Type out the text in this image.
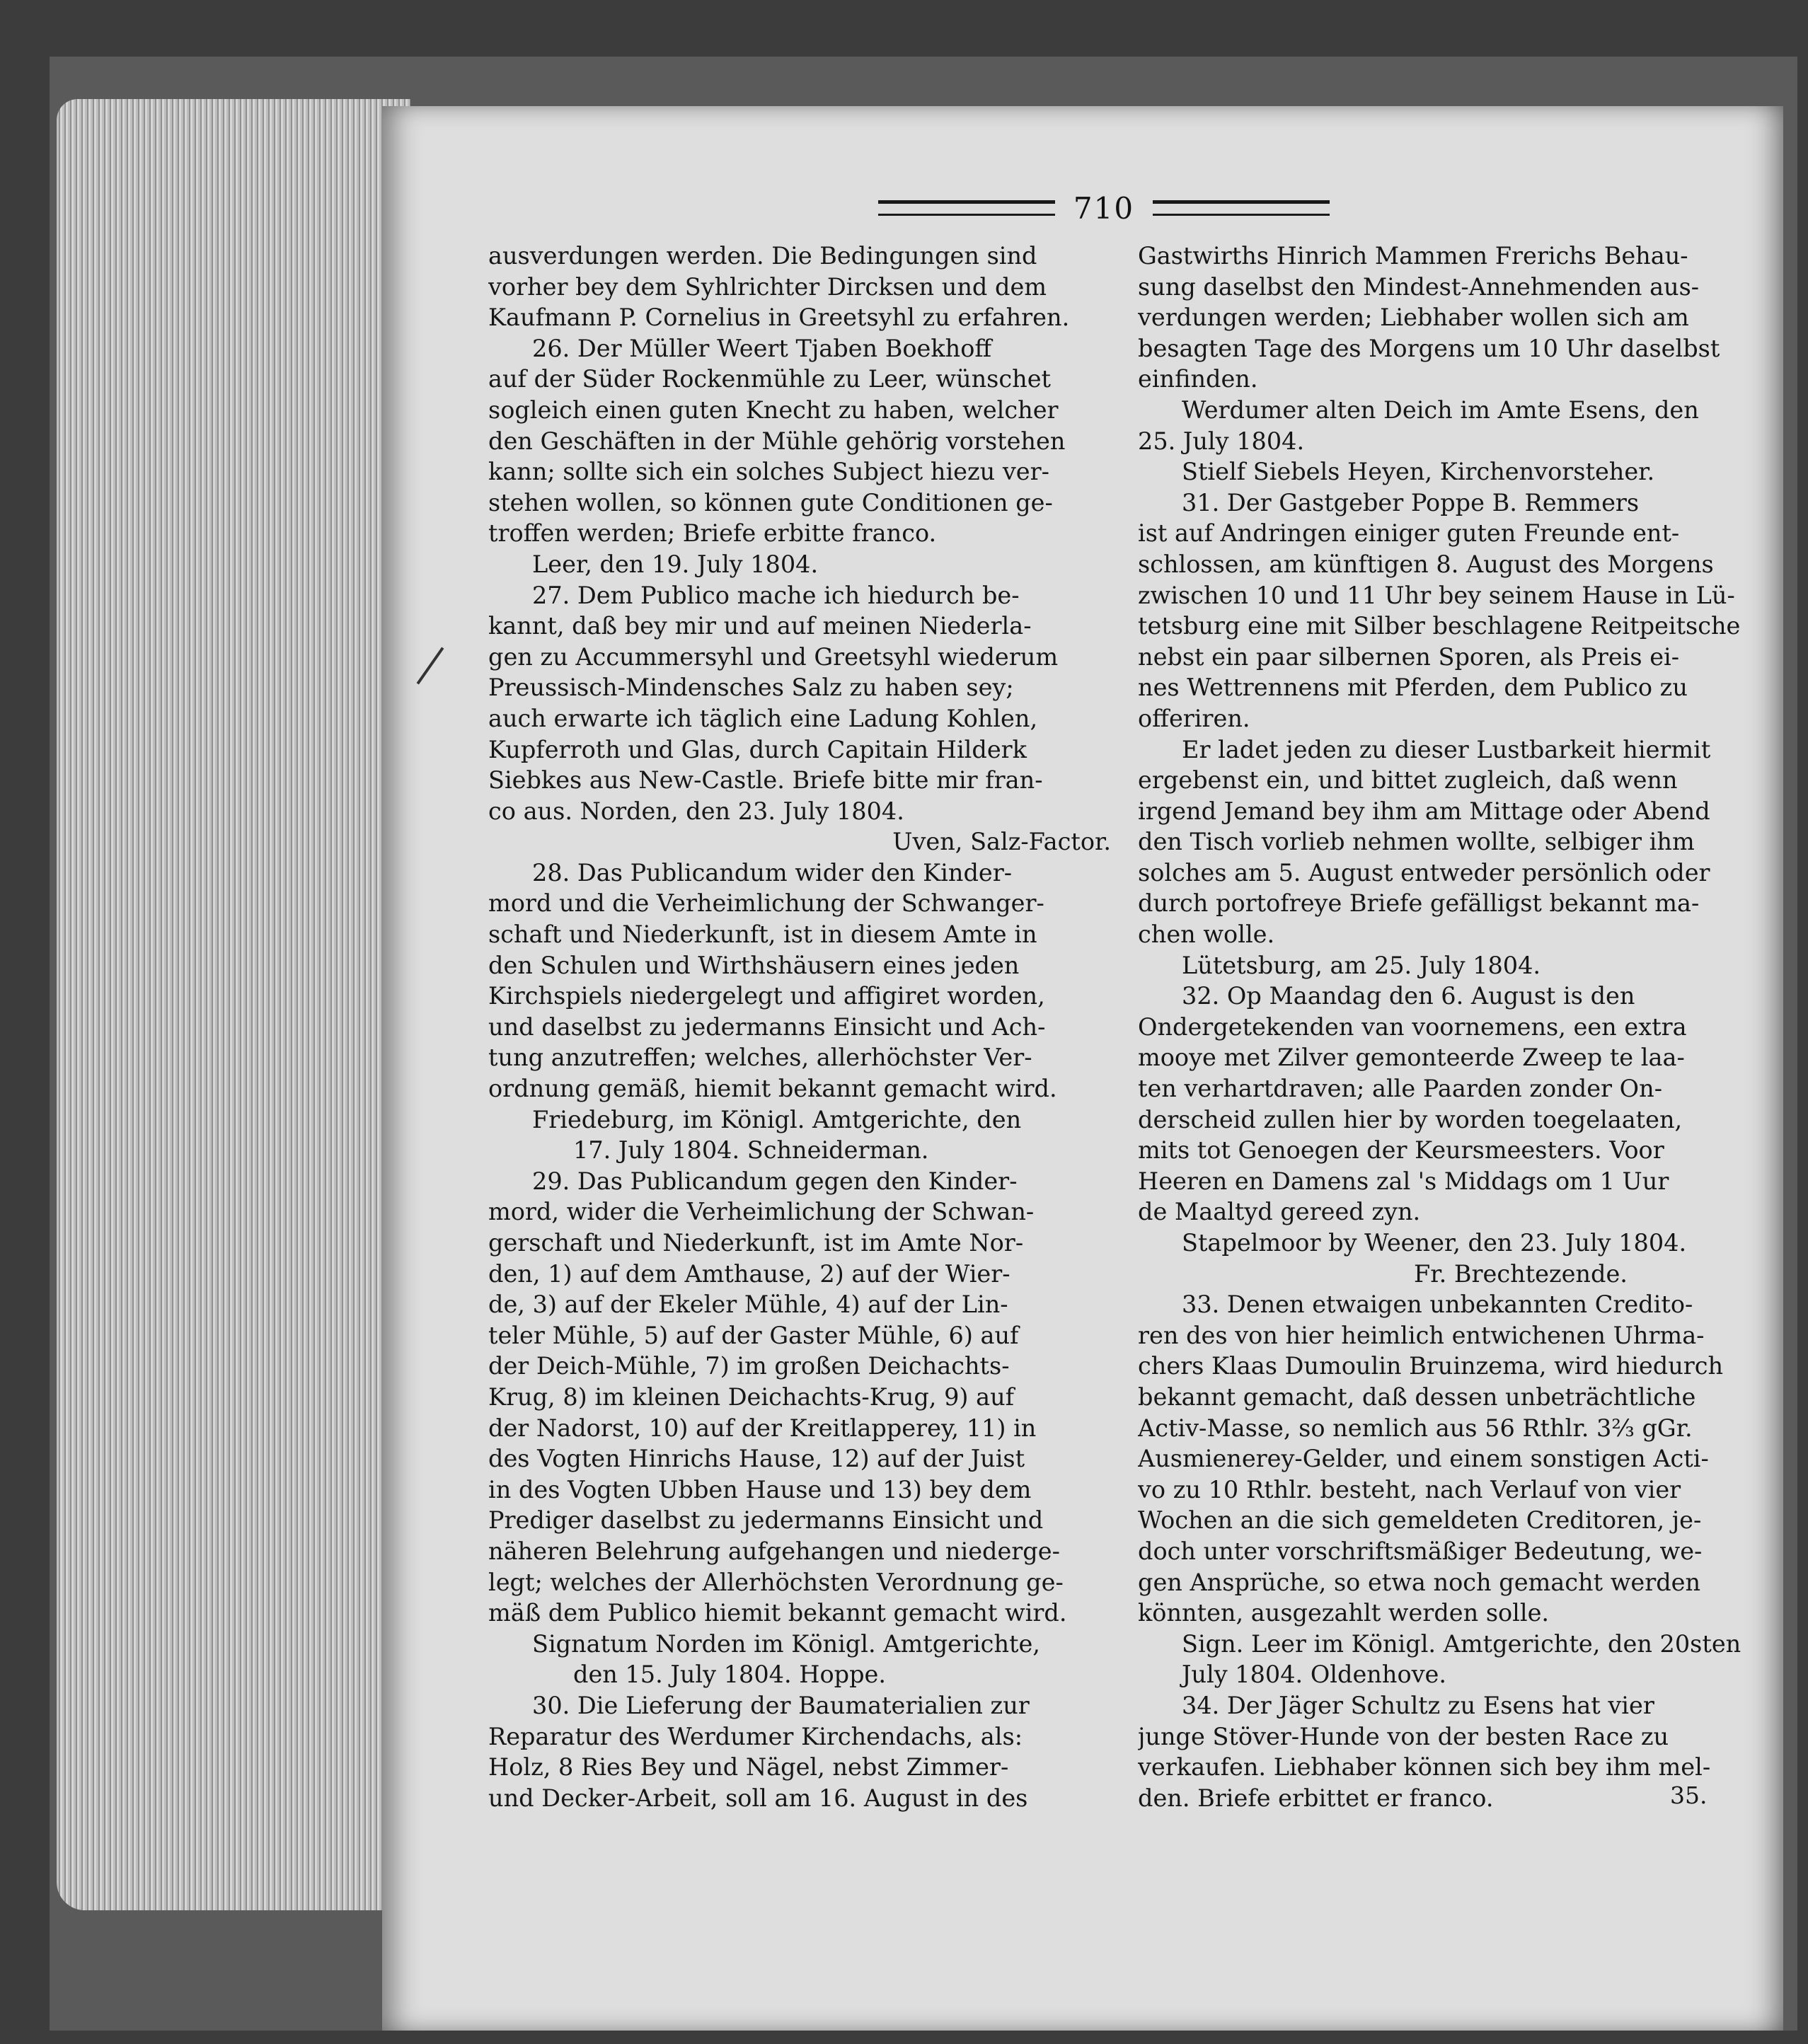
710
ausverdungen werden. Die Bedingungen sind
vorher bey dem Syhlrichter Dircksen und dem
Kaufmann P. Cornelius in Greetsyhl zu erfahren.
26. Der Müller Weert Tjaben Boekhoff
auf der Süder Rockenmühle zu Leer, wünschet
sogleich einen guten Knecht zu haben, welcher
den Geschäften in der Mühle gehörig vorstehen
kann; sollte sich ein solches Subject hiezu ver-
stehen wollen, so können gute Conditionen ge-
troffen werden; Briefe erbitte franco.
Leer, den 19. July 1804.
27. Dem Publico mache ich hiedurch be-
kannt, daß bey mir und auf meinen Niederla-
gen zu Accummersyhl und Greetsyhl wiederum
Preussisch-Mindensches Salz zu haben sey;
auch erwarte ich täglich eine Ladung Kohlen,
Kupferroth und Glas, durch Capitain Hilderk
Siebkes aus New-Castle. Briefe bitte mir fran-
co aus. Norden, den 23. July 1804.
Uven, Salz-Factor.
28. Das Publicandum wider den Kinder-
mord und die Verheimlichung der Schwanger-
schaft und Niederkunft, ist in diesem Amte in
den Schulen und Wirthshäusern eines jeden
Kirchspiels niedergelegt und affigiret worden,
und daselbst zu jedermanns Einsicht und Ach-
tung anzutreffen; welches, allerhöchster Ver-
ordnung gemäß, hiemit bekannt gemacht wird.
Friedeburg, im Königl. Amtgerichte, den
17. July 1804. Schneiderman.
29. Das Publicandum gegen den Kinder-
mord, wider die Verheimlichung der Schwan-
gerschaft und Niederkunft, ist im Amte Nor-
den, 1) auf dem Amthause, 2) auf der Wier-
de, 3) auf der Ekeler Mühle, 4) auf der Lin-
teler Mühle, 5) auf der Gaster Mühle, 6) auf
der Deich-Mühle, 7) im großen Deichachts-
Krug, 8) im kleinen Deichachts-Krug, 9) auf
der Nadorst, 10) auf der Kreitlapperey, 11) in
des Vogten Hinrichs Hause, 12) auf der Juist
in des Vogten Ubben Hause und 13) bey dem
Prediger daselbst zu jedermanns Einsicht und
näheren Belehrung aufgehangen und niederge-
legt; welches der Allerhöchsten Verordnung ge-
mäß dem Publico hiemit bekannt gemacht wird.
Signatum Norden im Königl. Amtgerichte,
den 15. July 1804. Hoppe.
30. Die Lieferung der Baumaterialien zur
Reparatur des Werdumer Kirchendachs, als:
Holz, 8 Ries Bey und Nägel, nebst Zimmer-
und Decker-Arbeit, soll am 16. August in des
Gastwirths Hinrich Mammen Frerichs Behau-
sung daselbst den Mindest-Annehmenden aus-
verdungen werden; Liebhaber wollen sich am
besagten Tage des Morgens um 10 Uhr daselbst
einfinden.
Werdumer alten Deich im Amte Esens, den
25. July 1804.
Stielf Siebels Heyen, Kirchenvorsteher.
31. Der Gastgeber Poppe B. Remmers
ist auf Andringen einiger guten Freunde ent-
schlossen, am künftigen 8. August des Morgens
zwischen 10 und 11 Uhr bey seinem Hause in Lü-
tetsburg eine mit Silber beschlagene Reitpeitsche
nebst ein paar silbernen Sporen, als Preis ei-
nes Wettrennens mit Pferden, dem Publico zu
offeriren.
Er ladet jeden zu dieser Lustbarkeit hiermit
ergebenst ein, und bittet zugleich, daß wenn
irgend Jemand bey ihm am Mittage oder Abend
den Tisch vorlieb nehmen wollte, selbiger ihm
solches am 5. August entweder persönlich oder
durch portofreye Briefe gefälligst bekannt ma-
chen wolle.
Lütetsburg, am 25. July 1804.
32. Op Maandag den 6. August is den
Ondergetekenden van voornemens, een extra
mooye met Zilver gemonteerde Zweep te laa-
ten verhartdraven; alle Paarden zonder On-
derscheid zullen hier by worden toegelaaten,
mits tot Genoegen der Keursmeesters. Voor
Heeren en Damens zal 's Middags om 1 Uur
de Maaltyd gereed zyn.
Stapelmoor by Weener, den 23. July 1804.
Fr. Brechtezende.
33. Denen etwaigen unbekannten Credito-
ren des von hier heimlich entwichenen Uhrma-
chers Klaas Dumoulin Bruinzema, wird hiedurch
bekannt gemacht, daß dessen unbeträchtliche
Activ-Masse, so nemlich aus 56 Rthlr. 3⅔ gGr.
Ausmienerey-Gelder, und einem sonstigen Acti-
vo zu 10 Rthlr. besteht, nach Verlauf von vier
Wochen an die sich gemeldeten Creditoren, je-
doch unter vorschriftsmäßiger Bedeutung, we-
gen Ansprüche, so etwa noch gemacht werden
könnten, ausgezahlt werden solle.
Sign. Leer im Königl. Amtgerichte, den 20sten
July 1804. Oldenhove.
34. Der Jäger Schultz zu Esens hat vier
junge Stöver-Hunde von der besten Race zu
verkaufen. Liebhaber können sich bey ihm mel-
den. Briefe erbittet er franco.	35.
